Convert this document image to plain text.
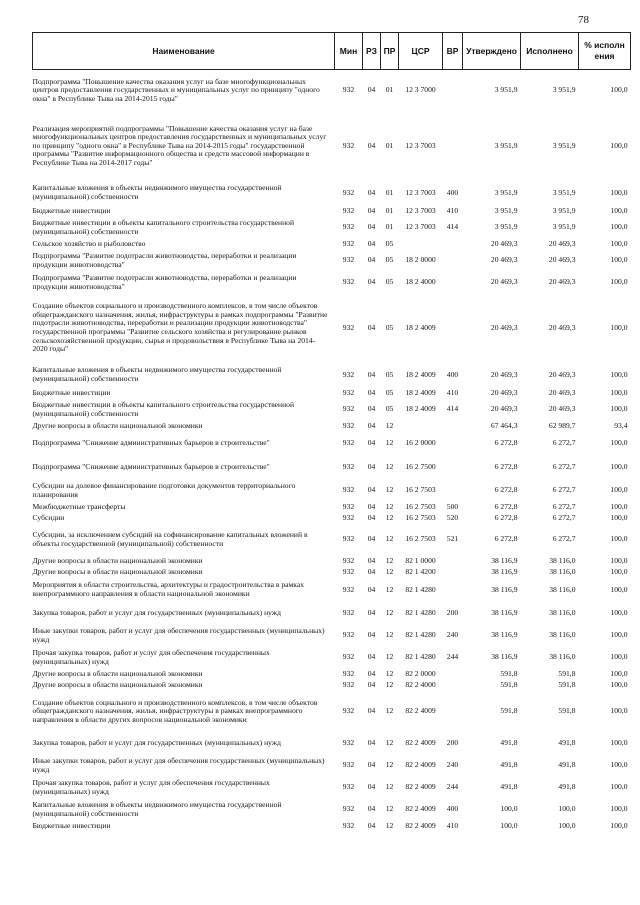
78
Наименование	Мин	РЗ	ПР	ЦСР	ВР	Утверждено	Исполнено	% исполн ения
Подпрограмма "Повышение качества оказания услуг на базе многофункциональных центров предоставления государственных и муниципальных услуг по принципу "одного окна" в Республике Тыва на 2014-2015 годы"	932	04	01	12 3 7000		3 951,9	3 951,9	100,0
Реализация мероприятий подпрограммы "Повышение качества оказания услуг на базе многофункциональных центров предоставления государственных и муниципальных услуг по принципу "одного окна" в Республике Тыва на 2014-2015 годы" государственной программы "Развитие информационного общества и средств массовой информации в Республике Тыва на 2014-2017 годы"	932	04	01	12 3 7003		3 951,9	3 951,9	100,0
Капитальные вложения в объекты недвижимого имущества государственной (муниципальной) собственности	932	04	01	12 3 7003	400	3 951,9	3 951,9	100,0
Бюджетные инвестиции	932	04	01	12 3 7003	410	3 951,9	3 951,9	100,0
Бюджетные инвестиции в объекты капитального строительства государственной (муниципальной) собственности	932	04	01	12 3 7003	414	3 951,9	3 951,9	100,0
Сельское хозяйство и рыболовство	932	04	05			20 469,3	20 469,3	100,0
Подпрограмма "Развитие подотрасли животноводства, переработки и реализации продукции животноводства"	932	04	05	18 2 0000		20 469,3	20 469,3	100,0
Подпрограмма "Развитие подотрасли животноводства, переработки и реализации продукции животноводства"	932	04	05	18 2 4000		20 469,3	20 469,3	100,0
Создание объектов социального и производственного комплексов, в том числе объектов общегражданского назначения, жилья, инфраструктуры в рамках подпрограммы "Развитие подотрасли животноводства, переработки и реализации продукции животноводства" государственной программы "Развитие сельского хозяйства и регулирование рынков сельскохозяйственной продукции, сырья и продовольствия в Республике Тыва на 2014-2020 годы"	932	04	05	18 2 4009		20 469,3	20 469,3	100,0
Капитальные вложения в объекты недвижимого имущества государственной (муниципальной) собственности	932	04	05	18 2 4009	400	20 469,3	20 469,3	100,0
Бюджетные инвестиции	932	04	05	18 2 4009	410	20 469,3	20 469,3	100,0
Бюджетные инвестиции в объекты капитального строительства государственной (муниципальной) собственности	932	04	05	18 2 4009	414	20 469,3	20 469,3	100,0
Другие вопросы в области национальной экономики	932	04	12			67 464,3	62 989,7	93,4
Подпрограмма "Снижение административных барьеров в строительстве"	932	04	12	16 2 0000		6 272,8	6 272,7	100,0
Подпрограмма "Снижение административных барьеров в строительстве"	932	04	12	16 2 7500		6 272,8	6 272,7	100,0
Субсидии на долевое финансирование подготовки документов территориального планирования	932	04	12	16 2 7503		6 272,8	6 272,7	100,0
Межбюджетные трансферты	932	04	12	16 2 7503	500	6 272,8	6 272,7	100,0
Субсидии	932	04	12	16 2 7503	520	6 272,8	6 272,7	100,0
Субсидии, за исключением субсидий на софинансирование капитальных вложений в объекты государственной (муниципальной) собственности	932	04	12	16 2 7503	521	6 272,8	6 272,7	100,0
Другие вопросы в области национальной экономики	932	04	12	82 1 0000		38 116,9	38 116,0	100,0
Другие вопросы в области национальной экономики	932	04	12	82 1 4200		38 116,9	38 116,0	100,0
Мероприятия в области строительства, архитектуры и градостроительства в рамках внепрограммного направления в области национальной экономики	932	04	12	82 1 4280		38 116,9	38 116,0	100,0
Закупка товаров, работ и услуг для государственных (муниципальных) нужд	932	04	12	82 1 4280	200	38 116,9	38 116,0	100,0
Иные закупки товаров, работ и услуг для обеспечения государственных (муниципальных) нужд	932	04	12	82 1 4280	240	38 116,9	38 116,0	100,0
Прочая закупка товаров, работ и услуг для обеспечения государственных (муниципальных) нужд	932	04	12	82 1 4280	244	38 116,9	38 116,0	100,0
Другие вопросы в области национальной экономики	932	04	12	82 2 0000		591,8	591,8	100,0
Другие вопросы в области национальной экономики	932	04	12	82 2 4000		591,8	591,8	100,0
Создание объектов социального и производственного комплексов, в том числе объектов общегражданского назначения, жилья, инфраструктуры в рамках внепрограммного направления в области других вопросов национальной экономики	932	04	12	82 2 4009		591,8	591,8	100,0
Закупка товаров, работ и услуг для государственных (муниципальных) нужд	932	04	12	82 2 4009	200	491,8	491,8	100,0
Иные закупки товаров, работ и услуг для обеспечения государственных (муниципальных) нужд	932	04	12	82 2 4009	240	491,8	491,8	100,0
Прочая закупка товаров, работ и услуг для обеспечения государственных (муниципальных) нужд	932	04	12	82 2 4009	244	491,8	491,8	100,0
Капитальные вложения в объекты недвижимого имущества государственной (муниципальной) собственности	932	04	12	82 2 4009	400	100,0	100,0	100,0
Бюджетные инвестиции	932	04	12	82 2 4009	410	100,0	100,0	100,0
